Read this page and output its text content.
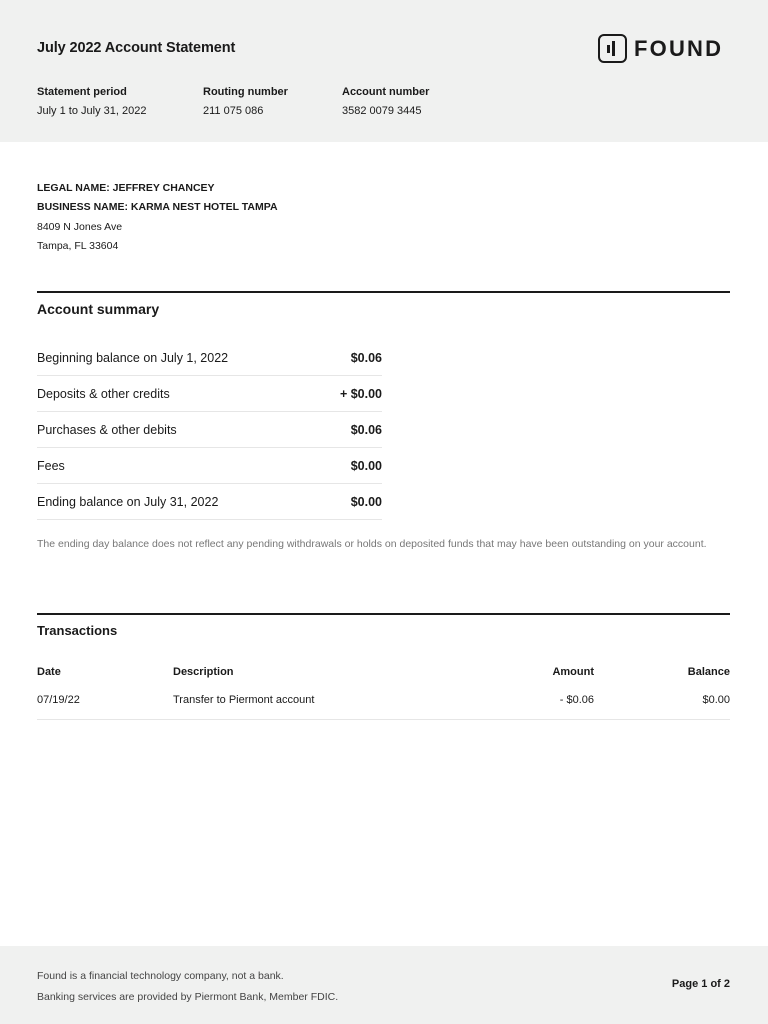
July 2022 Account Statement	FOUND
Statement period
July 1 to July 31, 2022
Routing number
211 075 086
Account number
3582 0079 3445
LEGAL NAME: JEFFREY CHANCEY
BUSINESS NAME: KARMA NEST HOTEL TAMPA
8409 N Jones Ave
Tampa, FL 33604
Account summary
Beginning balance on July 1, 2022	$0.06
Deposits & other credits	+ $0.00
Purchases & other debits	$0.06
Fees	$0.00
Ending balance on July 31, 2022	$0.00
The ending day balance does not reflect any pending withdrawals or holds on deposited funds that may have been outstanding on your account.
Transactions
Date	Description	Amount	Balance
07/19/22	Transfer to Piermont account	- $0.06	$0.00
Found is a financial technology company, not a bank.
Banking services are provided by Piermont Bank, Member FDIC.
Page 1 of 2
